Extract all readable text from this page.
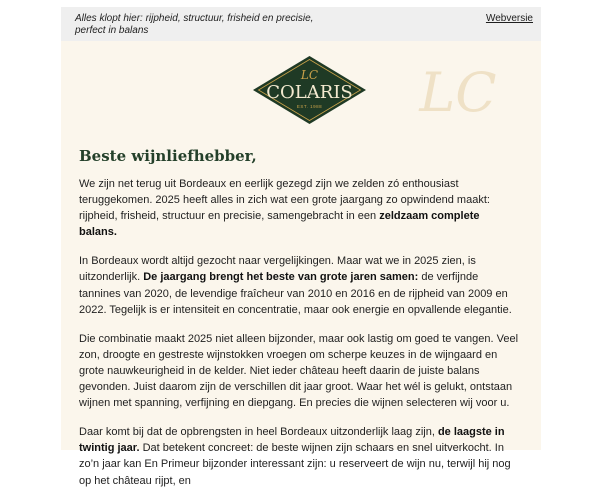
Alles klopt hier: rijpheid, structuur, frisheid en precisie, perfect in balans
Webversie
LC
LC
COLARIS
EST. 1988
Beste wijnliefhebber,

We zijn net terug uit Bordeaux en eerlijk gezegd zijn we zelden zó enthousiast teruggekomen. 2025 heeft alles in zich wat een grote jaargang zo opwindend maakt: rijpheid, frisheid, structuur en precisie, samengebracht in een zeldzaam complete balans.

In Bordeaux wordt altijd gezocht naar vergelijkingen. Maar wat we in 2025 zien, is uitzonderlijk. De jaargang brengt het beste van grote jaren samen: de verfijnde tannines van 2020, de levendige fraîcheur van 2010 en 2016 en de rijpheid van 2009 en 2022. Tegelijk is er intensiteit en concentratie, maar ook energie en opvallende elegantie.

Die combinatie maakt 2025 niet alleen bijzonder, maar ook lastig om goed te vangen. Veel zon, droogte en gestreste wijnstokken vroegen om scherpe keuzes in de wijngaard en grote nauwkeurigheid in de kelder. Niet ieder château heeft daarin de juiste balans gevonden. Juist daarom zijn de verschillen dit jaar groot. Waar het wél is gelukt, ontstaan wijnen met spanning, verfijning en diepgang. En precies die wijnen selecteren wij voor u.

Daar komt bij dat de opbrengsten in heel Bordeaux uitzonderlijk laag zijn, de laagste in twintig jaar. Dat betekent concreet: de beste wijnen zijn schaars en snel uitverkocht. In zo’n jaar kan En Primeur bijzonder interessant zijn: u reserveert de wijn nu, terwijl hij nog op het château rijpt, en
